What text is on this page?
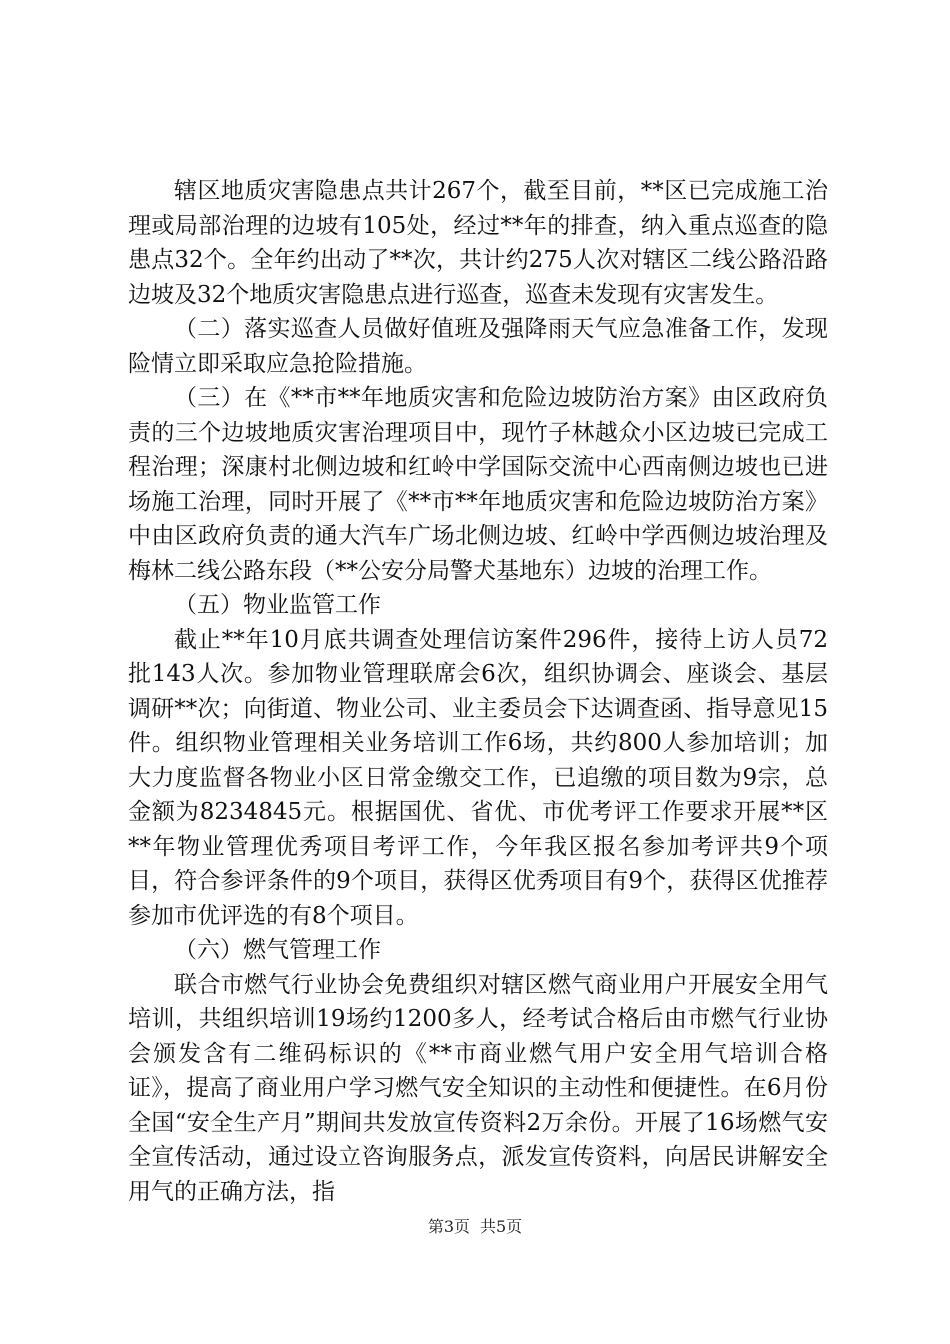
辖区地质灾害隐患点共计267个，截至目前，**区已完成施工治理或局部治理的边坡有105处，经过**年的排查，纳入重点巡查的隐患点32个。全年约出动了**次，共计约275人次对辖区二线公路沿路边坡及32个地质灾害隐患点进行巡查，巡查未发现有灾害发生。

（二）落实巡查人员做好值班及强降雨天气应急准备工作，发现险情立即采取应急抢险措施。

（三）在《**市**年地质灾害和危险边坡防治方案》由区政府负责的三个边坡地质灾害治理项目中，现竹子林越众小区边坡已完成工程治理；深康村北侧边坡和红岭中学国际交流中心西南侧边坡也已进场施工治理，同时开展了《**市**年地质灾害和危险边坡防治方案》中由区政府负责的通大汽车广场北侧边坡、红岭中学西侧边坡治理及梅林二线公路东段（**公安分局警犬基地东）边坡的治理工作。

（五）物业监管工作

截止**年10月底共调查处理信访案件296件，接待上访人员72批143人次。参加物业管理联席会6次，组织协调会、座谈会、基层调研**次；向街道、物业公司、业主委员会下达调查函、指导意见15件。组织物业管理相关业务培训工作6场，共约800人参加培训；加大力度监督各物业小区日常金缴交工作，已追缴的项目数为9宗，总金额为8234845元。根据国优、省优、市优考评工作要求开展**区**年物业管理优秀项目考评工作，今年我区报名参加考评共9个项目，符合参评条件的9个项目，获得区优秀项目有9个，获得区优推荐参加市优评选的有8个项目。

（六）燃气管理工作

联合市燃气行业协会免费组织对辖区燃气商业用户开展安全用气培训，共组织培训19场约1200多人，经考试合格后由市燃气行业协会颁发含有二维码标识的《**市商业燃气用户安全用气培训合格证》，提高了商业用户学习燃气安全知识的主动性和便捷性。在6月份全国“安全生产月”期间共发放宣传资料2万余份。开展了16场燃气安全宣传活动，通过设立咨询服务点，派发宣传资料，向居民讲解安全用气的正确方法，指

第3页 共5页
